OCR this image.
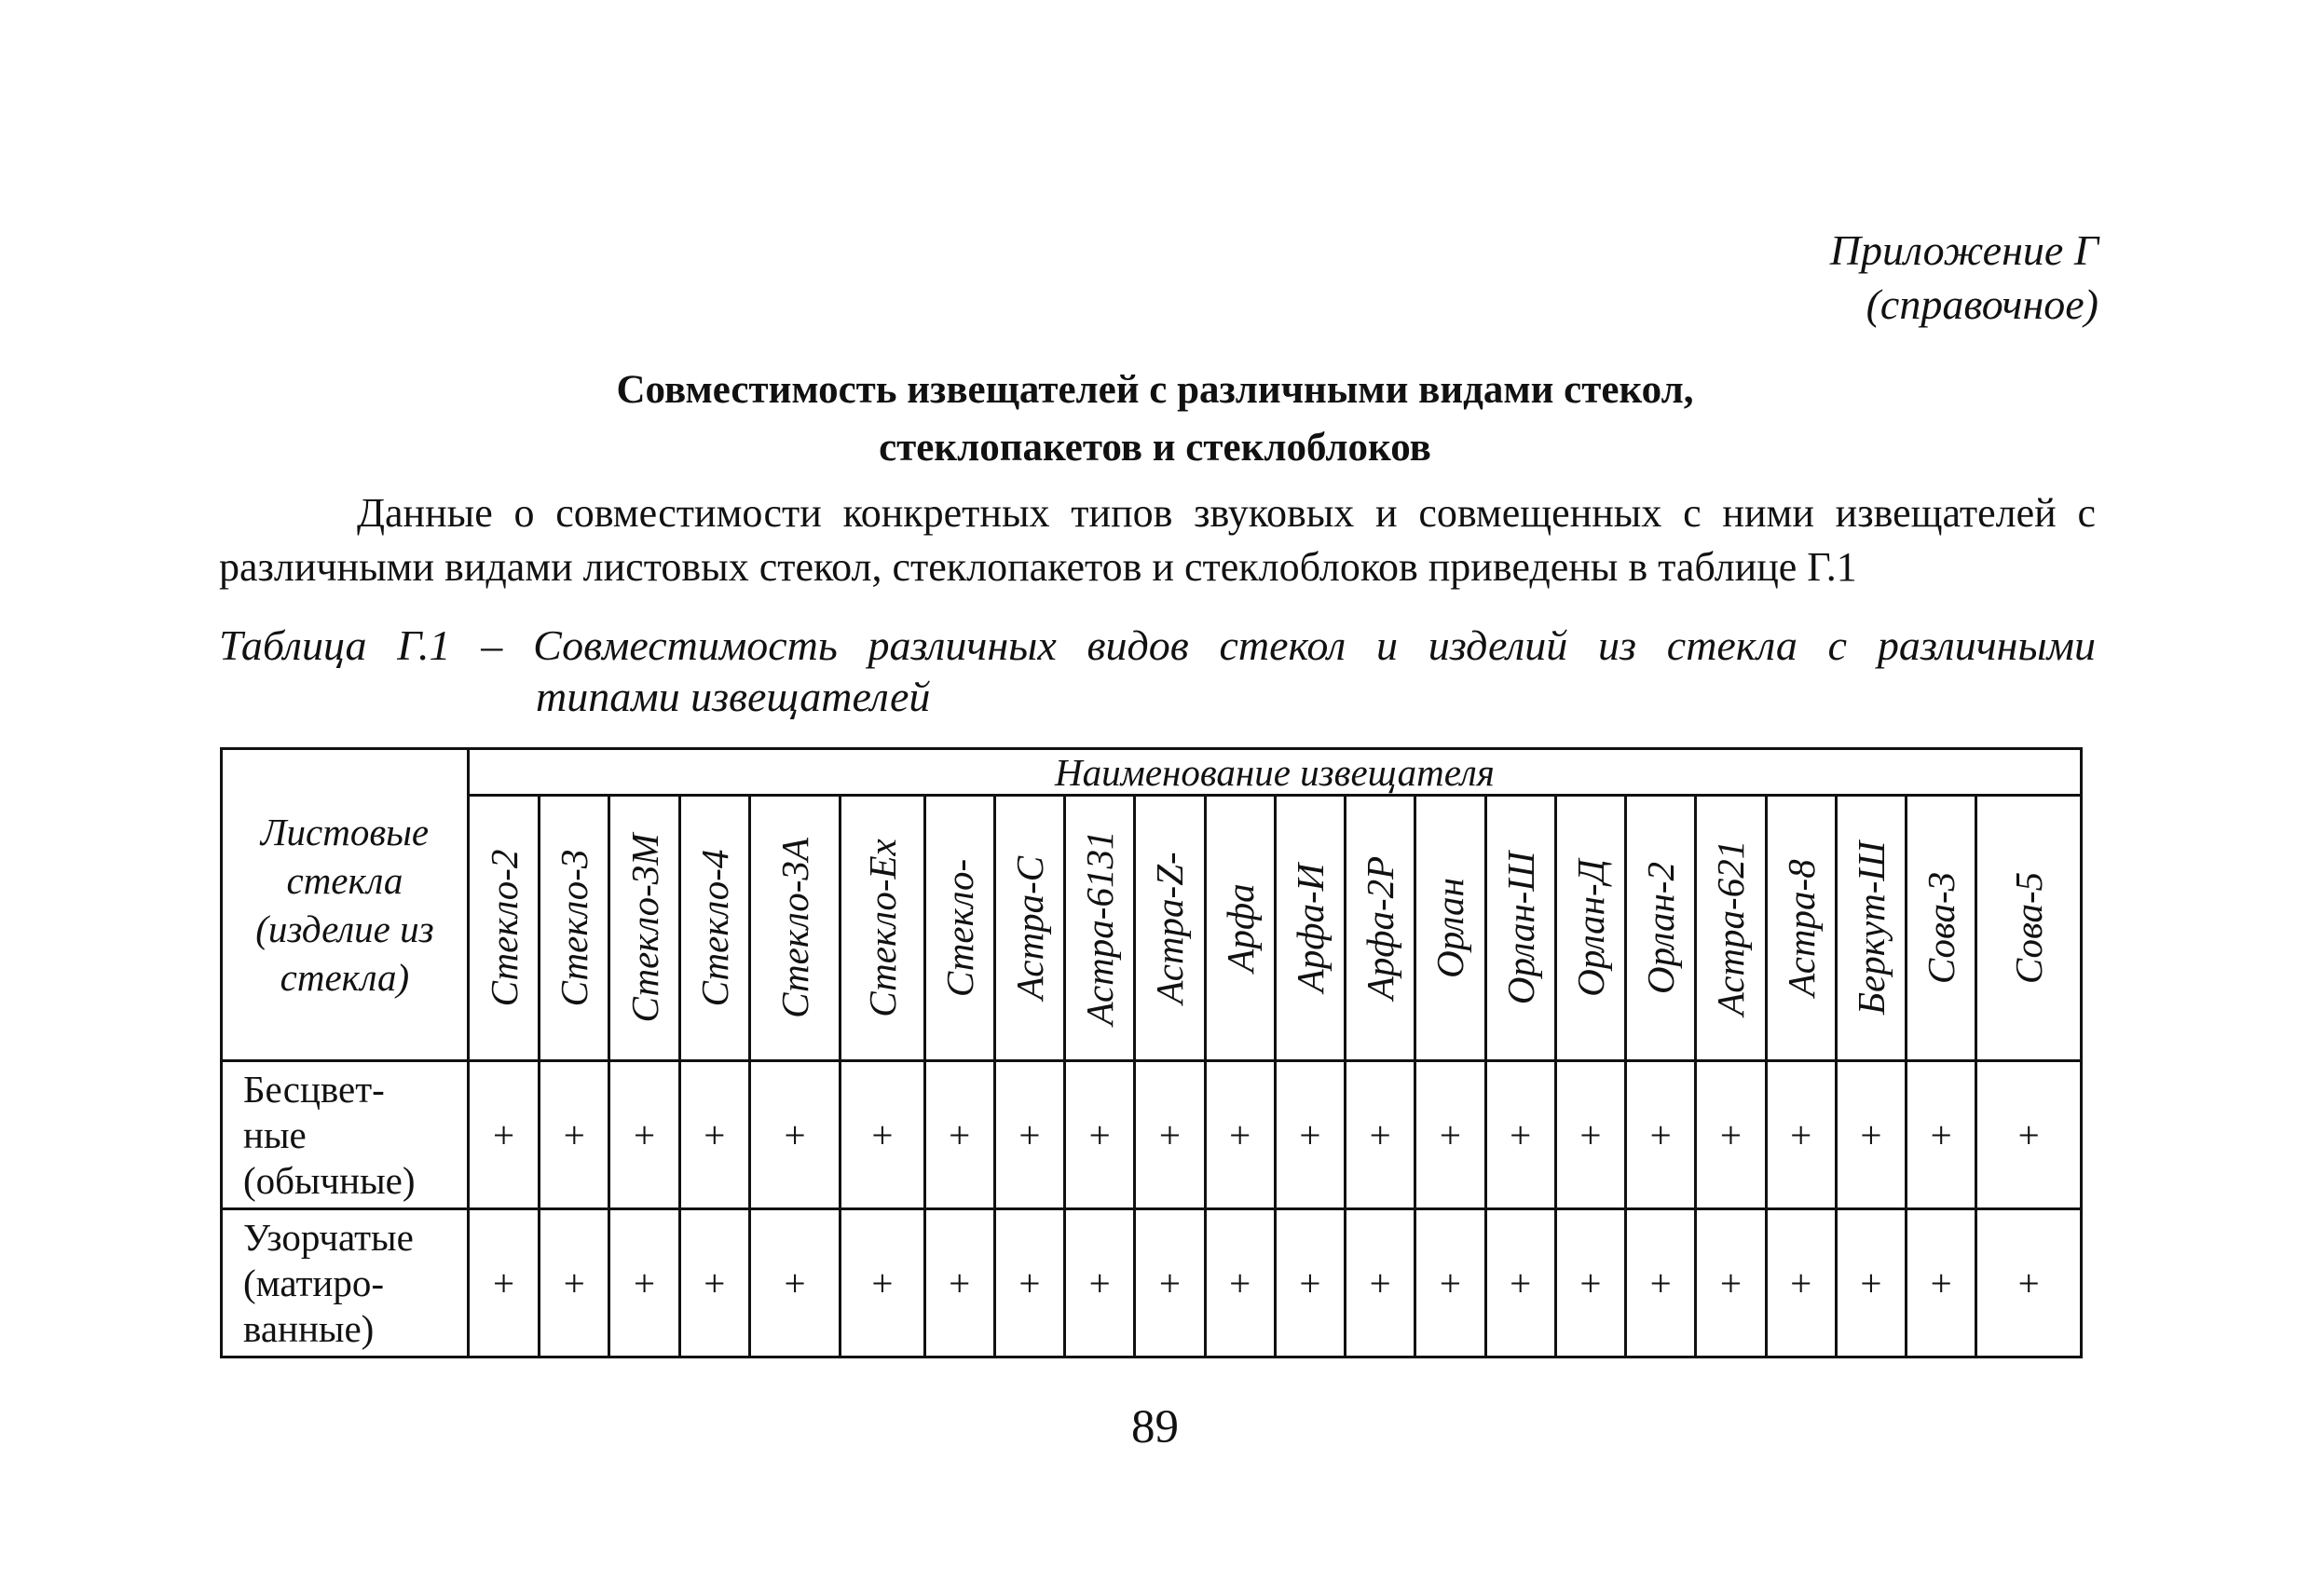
Приложение Г
(справочное)
Совместимость извещателей с различными видами стекол,
стеклопакетов и стеклоблоков
Данные о совместимости конкретных типов звуковых и совмещенных с ними извещателей с различными видами листовых стекол, стеклопакетов и стеклоблоков приведены в таблице Г.1
Таблица Г.1 – Совместимость различных видов стекол и изделий из стекла с различными
типами извещателей
Листовые
стекла
(изделие из
стекла)	Наименование извещателя																					

	Стекло-2	Стекло-3	Стекло-3М	Стекло-4	Стекло-3А	Стекло-Ех	Стекло-	Астра-С	Астра-6131	Астра-Z-	Арфа	Арфа-И	Арфа-2Р	Орлан	Орлан-Ш	Орлан-Д	Орлан-2	Астра-621	Астра-8	Беркут-Ш	Сова-3	Сова-5

Бесцвет-
ные
(обычные)	+	+	+	+	+	+	+	+	+	+	+	+	+	+	+	+	+	+	+	+	+	+

Узорчатые
(матиро-
ванные)	+	+	+	+	+	+	+	+	+	+	+	+	+	+	+	+	+	+	+	+	+	+
89
